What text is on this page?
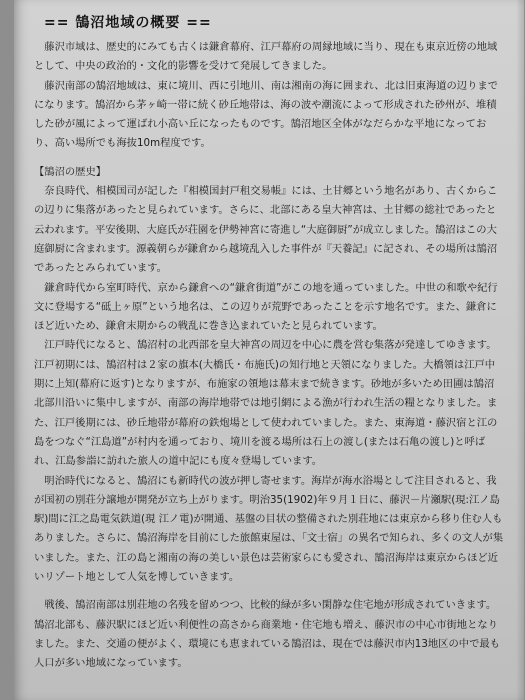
== 鵠沼地域の概要 ==

藤沢市域は、歴史的にみても古くは鎌倉幕府、江戸幕府の周縁地域に当り、現在も東京近傍の地域として、中央の政治的・文化的影響を受けて発展してきました。

藤沢南部の鵠沼地域は、東に境川、西に引地川、南は湘南の海に囲まれ、北は旧東海道の辺りまでになります。鵠沼から茅ヶ崎一帯に続く砂丘地帯は、海の波や潮流によって形成された砂州が、堆積した砂が風によって運ばれ小高い丘になったものです。鵠沼地区全体がなだらかな平地になっており、高い場所でも海抜10m程度です。

【鵠沼の歴史】

奈良時代、相模国司が記した『相模国封戸租交易帳』には、土甘郷という地名があり、古くからこの辺りに集落があったと見られています。さらに、北部にある皇大神宮は、土甘郷の総社であったと云われます。平安後期、大庭氏が荘園を伊勢神宮に寄進し“大庭御厨”が成立しました。鵠沼はこの大庭御厨に含まれます。源義朝らが鎌倉から越境乱入した事件が『天養記』に記され、その場所は鵠沼であったとみられています。

鎌倉時代から室町時代、京から鎌倉への“鎌倉街道”がこの地を通っていました。中世の和歌や紀行文に登場する“砥上ヶ原”という地名は、この辺りが荒野であったことを示す地名です。また、鎌倉にほど近いため、鎌倉末期からの戦乱に巻き込まれていたと見られています。

江戸時代になると、鵠沼村の北西部を皇大神宮の周辺を中心に農を営む集落が発達してゆきます。江戸初期には、鵠沼村は２家の旗本(大橋氏・布施氏)の知行地と天領になりました。大橋領は江戸中期に上知(幕府に返す)となりますが、布施家の領地は幕末まで続きます。砂地が多いため田圃は鵠沼北部川沿いに集中しますが、南部の海岸地帯では地引網による漁が行われ生活の糧となりました。また、江戸後期には、砂丘地帯が幕府の鉄炮場として使われていました。また、東海道・藤沢宿と江の島をつなぐ“江島道”が村内を通っており、境川を渡る場所は石上の渡し(または石亀の渡し)と呼ばれ、江島参詣に訪れた旅人の道中記にも度々登場しています。

明治時代になると、鵠沼にも新時代の波が押し寄せます。海岸が海水浴場として注目されると、我が国初の別荘分譲地が開発が立ち上がります。明治35(1902)年９月１日に、藤沢－片瀬駅(現:江ノ島駅)間に江之島電気鉄道(現 江ノ電)が開通、基盤の目状の整備された別荘地には東京から移り住む人もありました。さらに、鵠沼海岸を目前にした旅館東屋は、「文士宿」の異名で知られ、多くの文人が集いました。また、江の島と湘南の海の美しい景色は芸術家らにも愛され、鵠沼海岸は東京からほど近いリゾート地として人気を博していきます。

戦後、鵠沼南部は別荘地の名残を留めつつ、比較的緑が多い閑静な住宅地が形成されていきます。鵠沼北部も、藤沢駅にほど近い利便性の高さから商業地・住宅地も増え、藤沢市の中心市街地となりました。また、交通の便がよく、環境にも恵まれている鵠沼は、現在では藤沢市内13地区の中で最も人口が多い地域になっています。
